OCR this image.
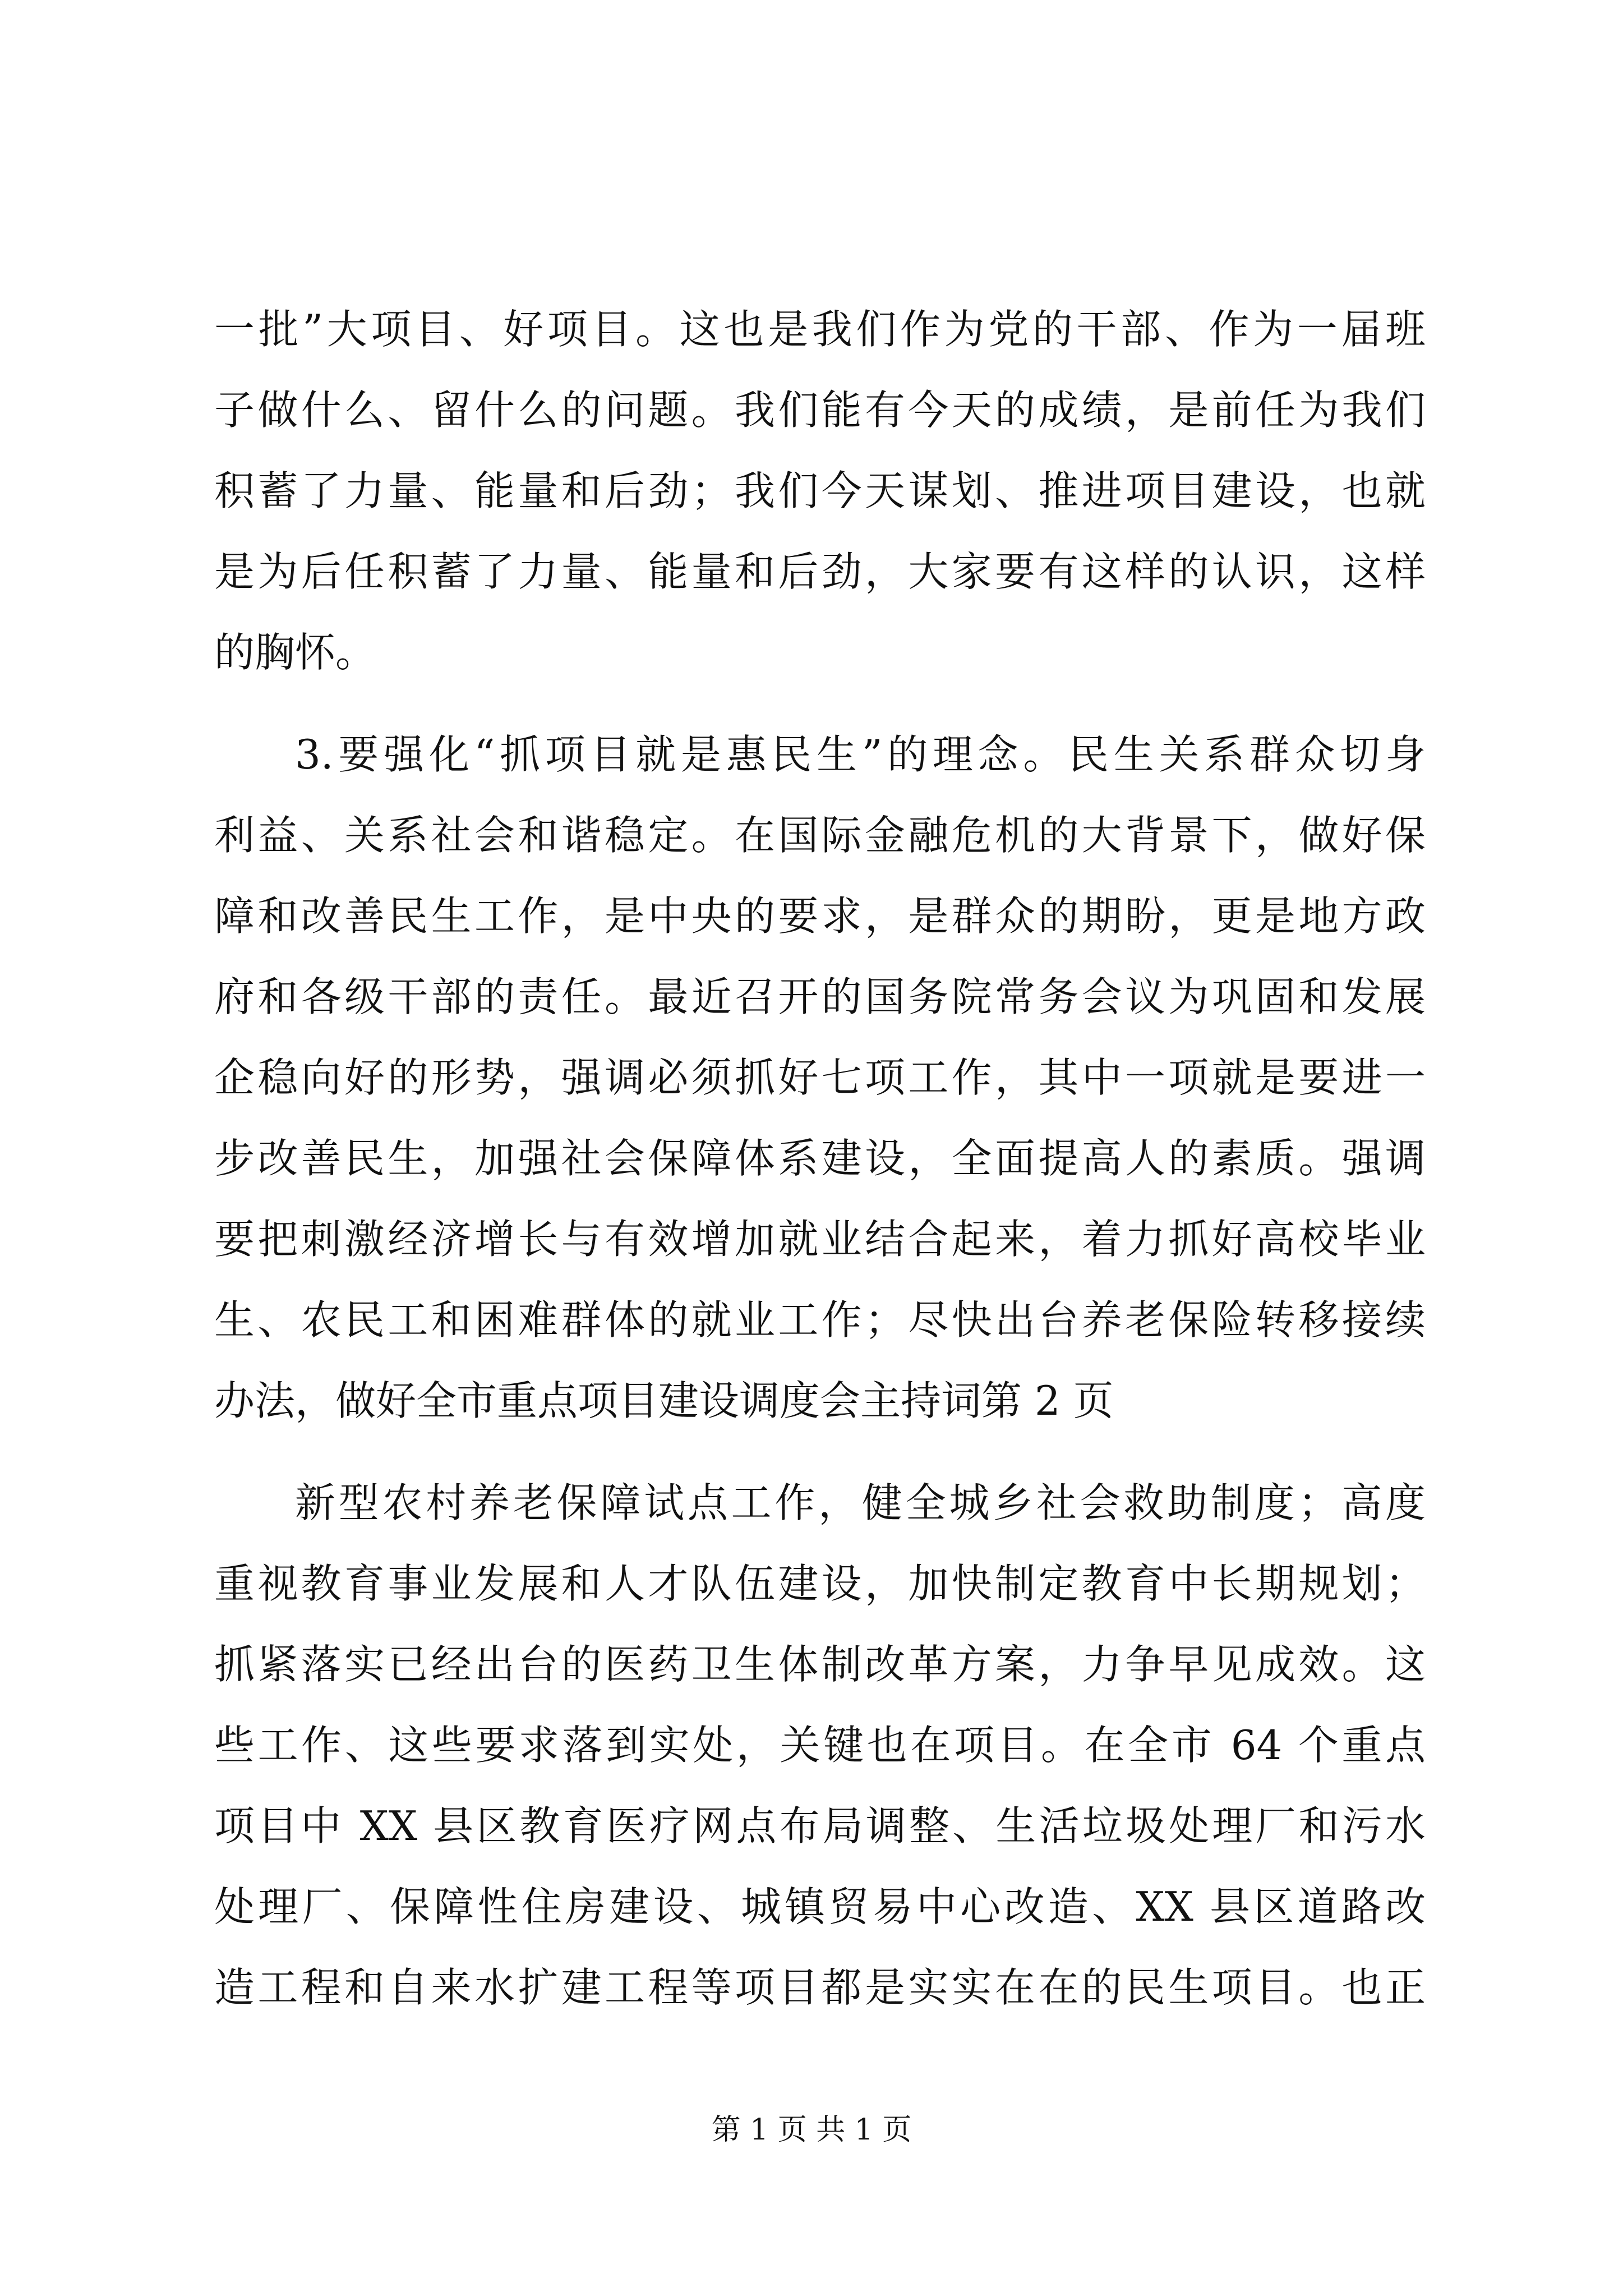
一批”大项目、好项目。这也是我们作为党的干部、作为一届班
子做什么、留什么的问题。我们能有今天的成绩，是前任为我们
积蓄了力量、能量和后劲；我们今天谋划、推进项目建设，也就
是为后任积蓄了力量、能量和后劲，大家要有这样的认识，这样
的胸怀。
3.要强化“抓项目就是惠民生”的理念。民生关系群众切身
利益、关系社会和谐稳定。在国际金融危机的大背景下，做好保
障和改善民生工作，是中央的要求，是群众的期盼，更是地方政
府和各级干部的责任。最近召开的国务院常务会议为巩固和发展
企稳向好的形势，强调必须抓好七项工作，其中一项就是要进一
步改善民生，加强社会保障体系建设，全面提高人的素质。强调
要把刺激经济增长与有效增加就业结合起来，着力抓好高校毕业
生、农民工和困难群体的就业工作；尽快出台养老保险转移接续
办法，做好全市重点项目建设调度会主持词第 2 页
新型农村养老保障试点工作，健全城乡社会救助制度；高度
重视教育事业发展和人才队伍建设，加快制定教育中长期规划；
抓紧落实已经出台的医药卫生体制改革方案，力争早见成效。这
些工作、这些要求落到实处，关键也在项目。在全市 64 个重点
项目中 XX 县区教育医疗网点布局调整、生活垃圾处理厂和污水
处理厂、保障性住房建设、城镇贸易中心改造、XX 县区道路改
造工程和自来水扩建工程等项目都是实实在在的民生项目。也正
第 1 页 共 1 页
